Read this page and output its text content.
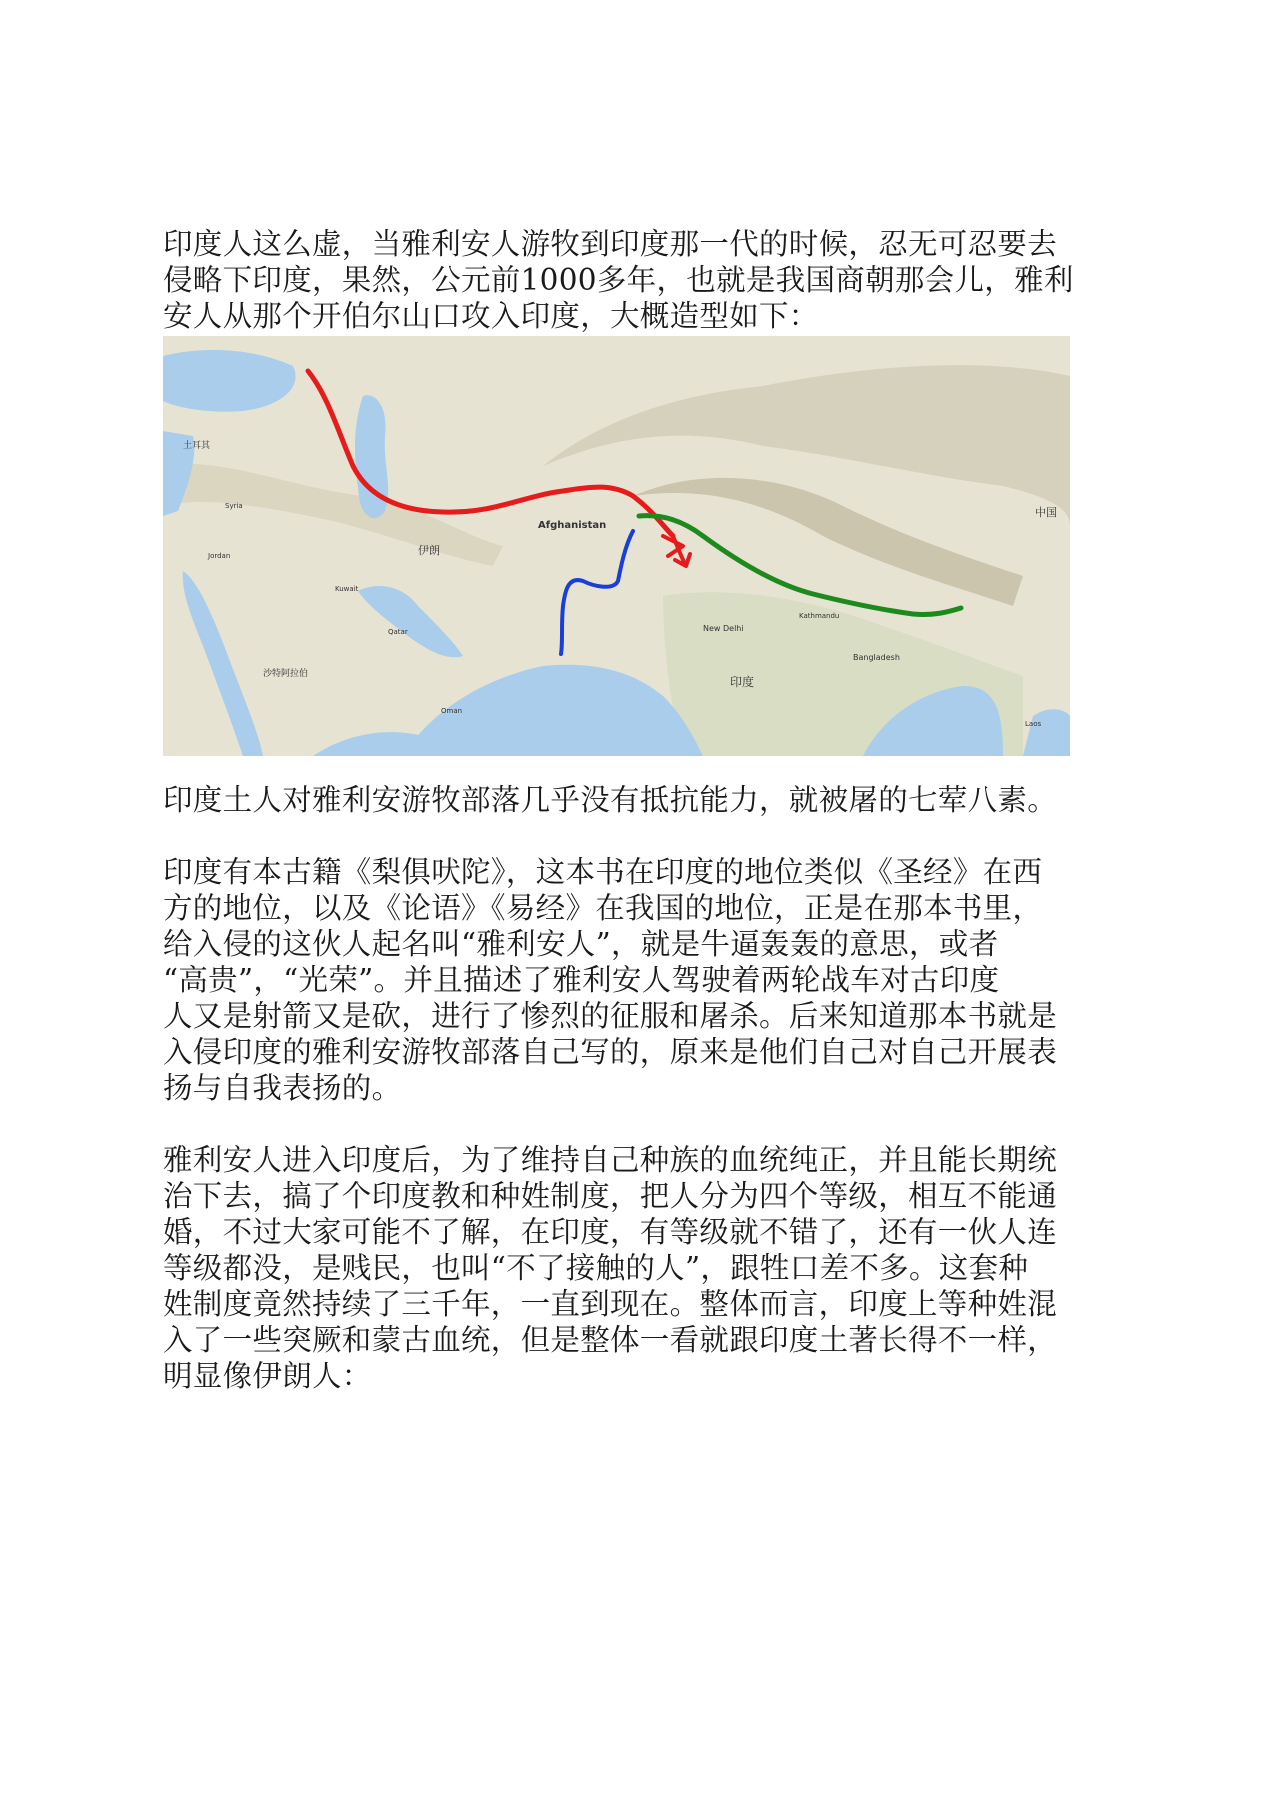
印度人这么虚，当雅利安人游牧到印度那一代的时候，忍无可忍要去
侵略下印度，果然，公元前1000多年，也就是我国商朝那会儿，雅利
安人从那个开伯尔山口攻入印度，大概造型如下：

Afghanistan
伊朗
印度
中国
土耳其
沙特阿拉伯
New Delhi
Bangladesh
Kathmandu
Syria
Jordan
Oman
Kuwait
Qatar
Laos

印度土人对雅利安游牧部落几乎没有抵抗能力，就被屠的七荤八素。

印度有本古籍《梨俱吠陀》，这本书在印度的地位类似《圣经》在西
方的地位，以及《论语》《易经》在我国的地位，正是在那本书里，
给入侵的这伙人起名叫“雅利安人”，就是牛逼轰轰的意思，或者
“高贵”，“光荣”。并且描述了雅利安人驾驶着两轮战车对古印度
人又是射箭又是砍，进行了惨烈的征服和屠杀。后来知道那本书就是
入侵印度的雅利安游牧部落自己写的，原来是他们自己对自己开展表
扬与自我表扬的。

雅利安人进入印度后，为了维持自己种族的血统纯正，并且能长期统
治下去，搞了个印度教和种姓制度，把人分为四个等级，相互不能通
婚，不过大家可能不了解，在印度，有等级就不错了，还有一伙人连
等级都没，是贱民，也叫“不了接触的人”，跟牲口差不多。这套种
姓制度竟然持续了三千年，一直到现在。整体而言，印度上等种姓混
入了一些突厥和蒙古血统，但是整体一看就跟印度土著长得不一样，
明显像伊朗人：
